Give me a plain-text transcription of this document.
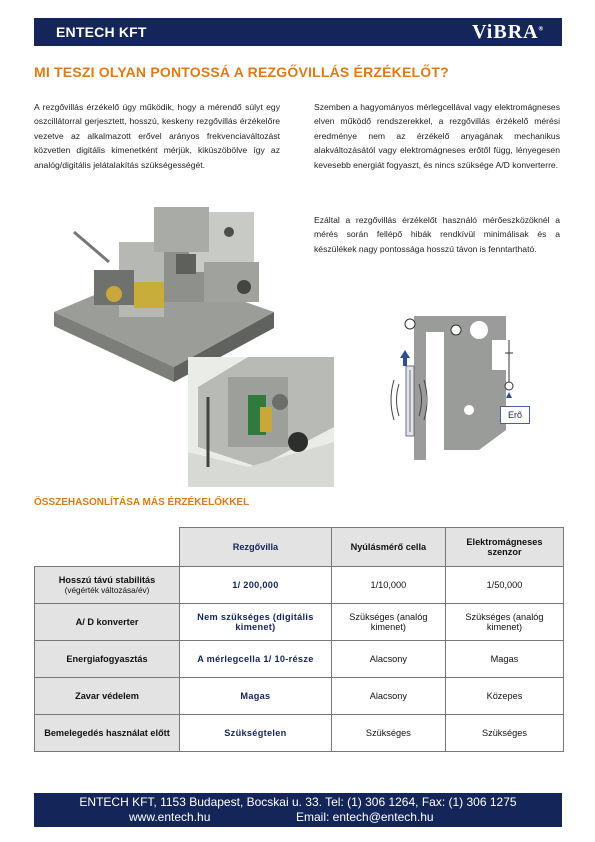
ENTECH KFT	ViBRA®
MI TESZI OLYAN PONTOSSÁ A REZGŐVILLÁS ÉRZÉKELŐT?
A rezgővillás érzékelő úgy működik, hogy a mérendő súlyt egy oszcillátorral gerjesztett, hosszú, keskeny rezgővillás érzékelőre vezetve az alkalmazott erővel arányos frekvenciaváltozást közvetlen digitális kimenetként mérjük, kiküszöbölve így az analóg/digitális jelátalakítás szükségességét.
Szemben a hagyományos mérlegcellával vagy elektromágneses elven működő rendszerekkel, a rezgővillás érzékelő mérési eredménye nem az érzékelő anyagának mechanikus alakváltozásától vagy elektromágneses erőtől függ, lényegesen kevesebb energiát fogyaszt, és nincs szüksége A/D konverterre.
Ezáltal a rezgővillás érzékelőt használó mérőeszközöknél a mérés során fellépő hibák rendkívül minimálisak és a készülékek nagy pontossága hosszú távon is fenntartható.
Erő
ÖSSZEHASONLÍTÁSA MÁS ÉRZÉKELŐKKEL
	Rezgővilla	Nyúlásmérő cella	Elektromágneses szenzor
Hosszú távú stabilitás
(végérték változása/év)	1/ 200,000	1/10,000	1/50,000
A/ D konverter	Nem szükséges (digitális kimenet)	Szükséges (analóg kimenet)	Szükséges (analóg kimenet)
Energiafogyasztás	A mérlegcella 1/ 10-része	Alacsony	Magas
Zavar védelem	Magas	Alacsony	Közepes
Bemelegedés használat előtt	Szükségtelen	Szükséges	Szükséges
ENTECH KFT, 1153 Budapest, Bocskai u. 33. Tel: (1) 306 1264, Fax: (1) 306 1275
www.entech.hu	Email: entech@entech.hu
